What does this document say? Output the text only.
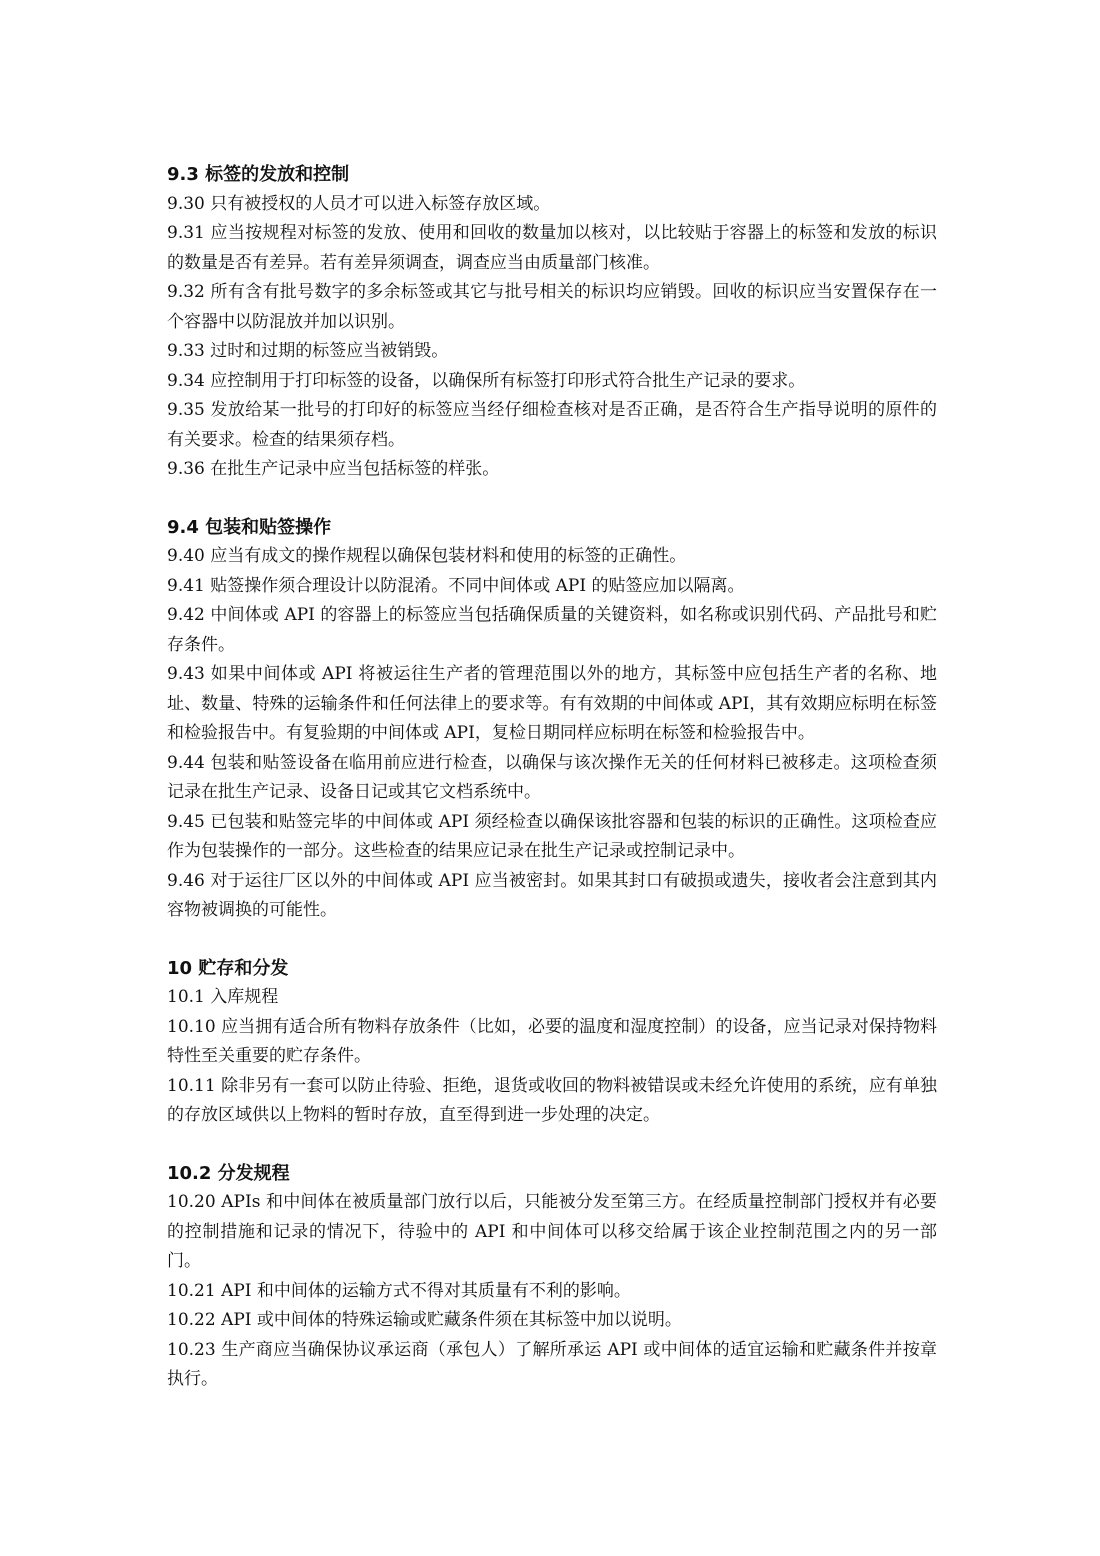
9.3 标签的发放和控制

9.30 只有被授权的人员才可以进入标签存放区域。

9.31 应当按规程对标签的发放、使用和回收的数量加以核对，以比较贴于容器上的标签和发放的标识的数量是否有差异。若有差异须调查，调查应当由质量部门核准。

9.32 所有含有批号数字的多余标签或其它与批号相关的标识均应销毁。回收的标识应当安置保存在一个容器中以防混放并加以识别。

9.33 过时和过期的标签应当被销毁。

9.34 应控制用于打印标签的设备，以确保所有标签打印形式符合批生产记录的要求。

9.35 发放给某一批号的打印好的标签应当经仔细检查核对是否正确，是否符合生产指导说明的原件的有关要求。检查的结果须存档。

9.36 在批生产记录中应当包括标签的样张。

9.4 包装和贴签操作

9.40 应当有成文的操作规程以确保包装材料和使用的标签的正确性。

9.41 贴签操作须合理设计以防混淆。不同中间体或 API 的贴签应加以隔离。

9.42 中间体或 API 的容器上的标签应当包括确保质量的关键资料，如名称或识别代码、产品批号和贮存条件。

9.43 如果中间体或 API 将被运往生产者的管理范围以外的地方，其标签中应包括生产者的名称、地址、数量、特殊的运输条件和任何法律上的要求等。有有效期的中间体或 API，其有效期应标明在标签和检验报告中。有复验期的中间体或 API，复检日期同样应标明在标签和检验报告中。

9.44 包装和贴签设备在临用前应进行检查，以确保与该次操作无关的任何材料已被移走。这项检查须记录在批生产记录、设备日记或其它文档系统中。

9.45 已包装和贴签完毕的中间体或 API 须经检查以确保该批容器和包装的标识的正确性。这项检查应作为包装操作的一部分。这些检查的结果应记录在批生产记录或控制记录中。

9.46 对于运往厂区以外的中间体或 API 应当被密封。如果其封口有破损或遗失，接收者会注意到其内容物被调换的可能性。

10 贮存和分发

10.1 入库规程

10.10 应当拥有适合所有物料存放条件（比如，必要的温度和湿度控制）的设备，应当记录对保持物料特性至关重要的贮存条件。

10.11 除非另有一套可以防止待验、拒绝，退货或收回的物料被错误或未经允许使用的系统，应有单独的存放区域供以上物料的暂时存放，直至得到进一步处理的决定。

10.2 分发规程

10.20 APIs 和中间体在被质量部门放行以后，只能被分发至第三方。在经质量控制部门授权并有必要的控制措施和记录的情况下，待验中的 API 和中间体可以移交给属于该企业控制范围之内的另一部门。

10.21 API 和中间体的运输方式不得对其质量有不利的影响。

10.22 API 或中间体的特殊运输或贮藏条件须在其标签中加以说明。

10.23 生产商应当确保协议承运商（承包人）了解所承运 API 或中间体的适宜运输和贮藏条件并按章执行。
